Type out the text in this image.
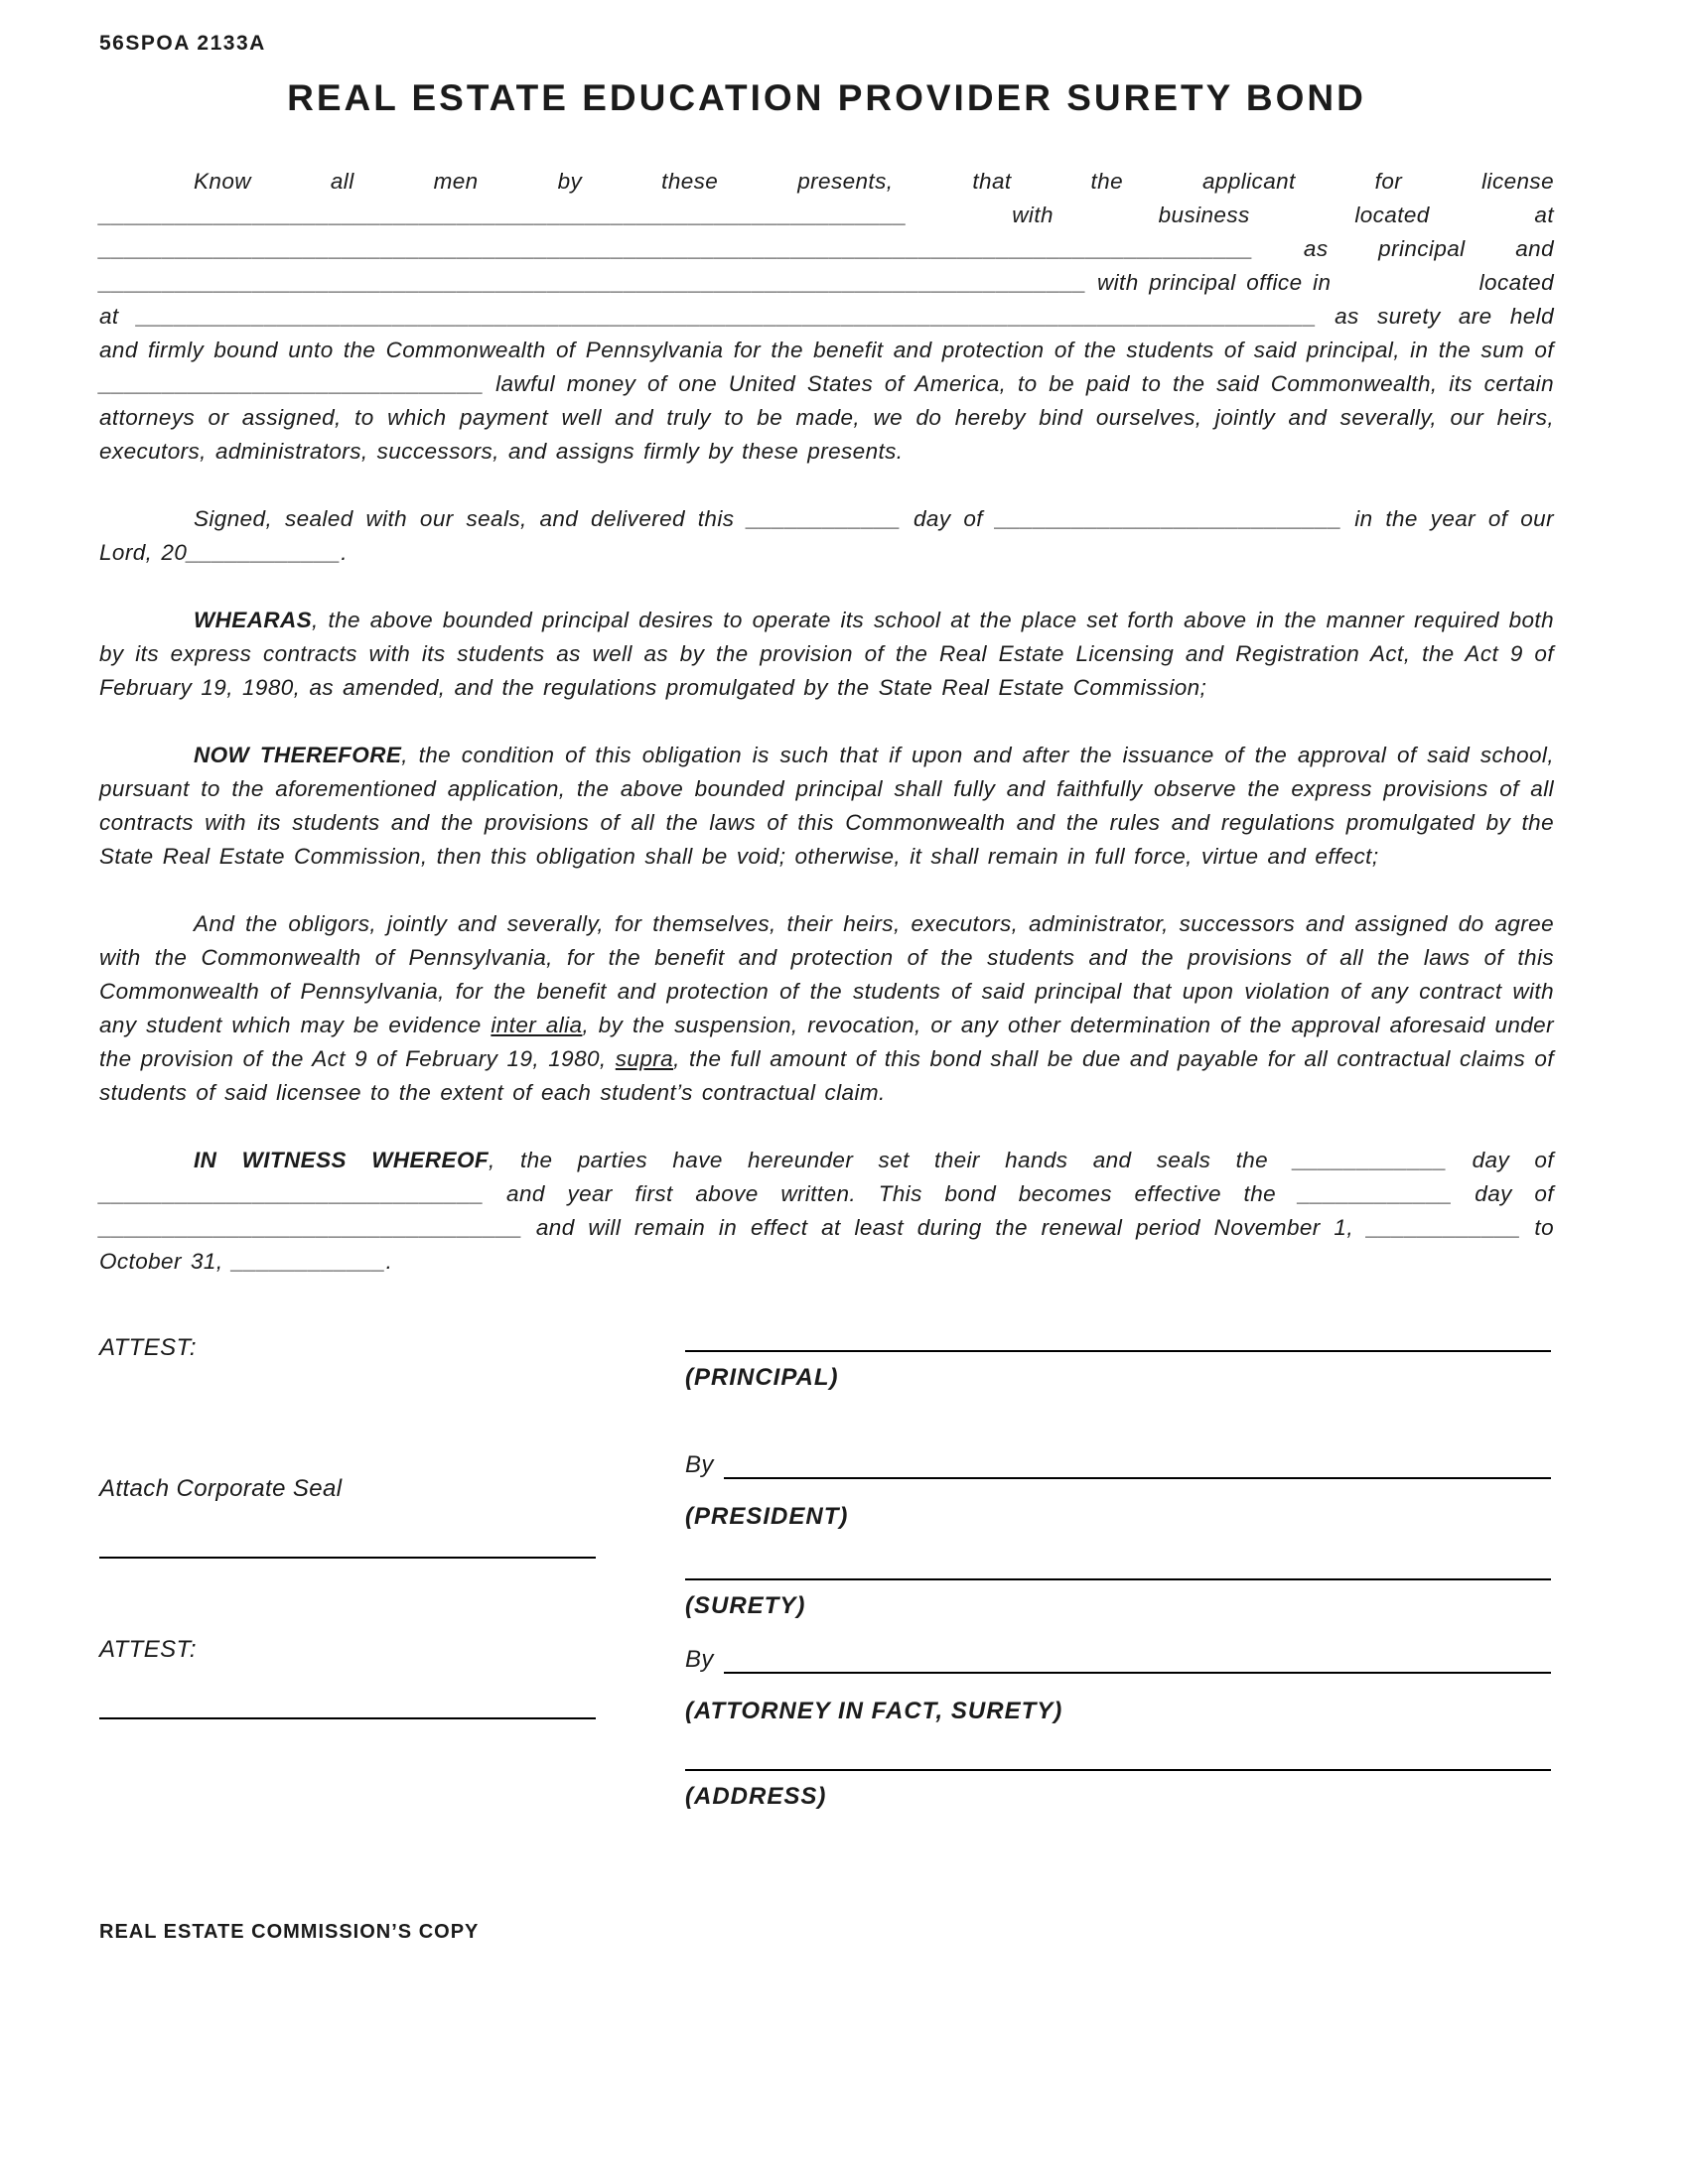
56SPOA 2133A
REAL ESTATE EDUCATION PROVIDER SURETY BOND

Know all men by these presents, that the applicant for license _______________________________________________________________ with business located at __________________________________________________________________________________________ as principal and _____________________________________________________________________________ with principal office in              located at ____________________________________________________________________________________________ as surety are held and firmly bound unto the Commonwealth of Pennsylvania for the benefit and protection of the students of said principal, in the sum of ______________________________ lawful money of one United States of America, to be paid to the said Commonwealth, its certain attorneys or assigned, to which payment well and truly to be made, we do hereby bind ourselves, jointly and severally, our heirs, executors, administrators, successors, and assigns firmly by these presents.

Signed, sealed with our seals, and delivered this ____________ day of ___________________________ in the year of our Lord, 20____________.

WHEARAS, the above bounded principal desires to operate its school at the place set forth above in the manner required both by its express contracts with its students as well as by the provision of the Real Estate Licensing and Registration Act, the Act 9 of February 19, 1980, as amended, and the regulations promulgated by the State Real Estate Commission;

NOW THEREFORE, the condition of this obligation is such that if upon and after the issuance of the approval of said school, pursuant to the aforementioned application, the above bounded principal shall fully and faithfully observe the express provisions of all contracts with its students and the provisions of all the laws of this Commonwealth and the rules and regulations promulgated by the State Real Estate Commission, then this obligation shall be void; otherwise, it shall remain in full force, virtue and effect;

And the obligors, jointly and severally, for themselves, their heirs, executors, administrator, successors and assigned do agree with the Commonwealth of Pennsylvania, for the benefit and protection of the students and the provisions of all the laws of this Commonwealth of Pennsylvania, for the benefit and protection of the students of said principal that upon violation of any contract with any student which may be evidence inter alia, by the suspension, revocation, or any other determination of the approval aforesaid under the provision of the Act 9 of February 19, 1980, supra, the full amount of this bond shall be due and payable for all contractual claims of students of said licensee to the extent of each student’s contractual claim.

IN WITNESS WHEREOF, the parties have hereunder set their hands and seals the ____________ day of ______________________________ and year first above written. This bond becomes effective the ____________ day of _________________________________ and will remain in effect at least during the renewal period November 1, ____________ to October 31, ____________.

ATTEST:
(PRINCIPAL)
Attach Corporate Seal
By
(PRESIDENT)
(SURETY)
ATTEST:	By
(ATTORNEY IN FACT, SURETY)
(ADDRESS)
REAL ESTATE COMMISSION’S COPY
